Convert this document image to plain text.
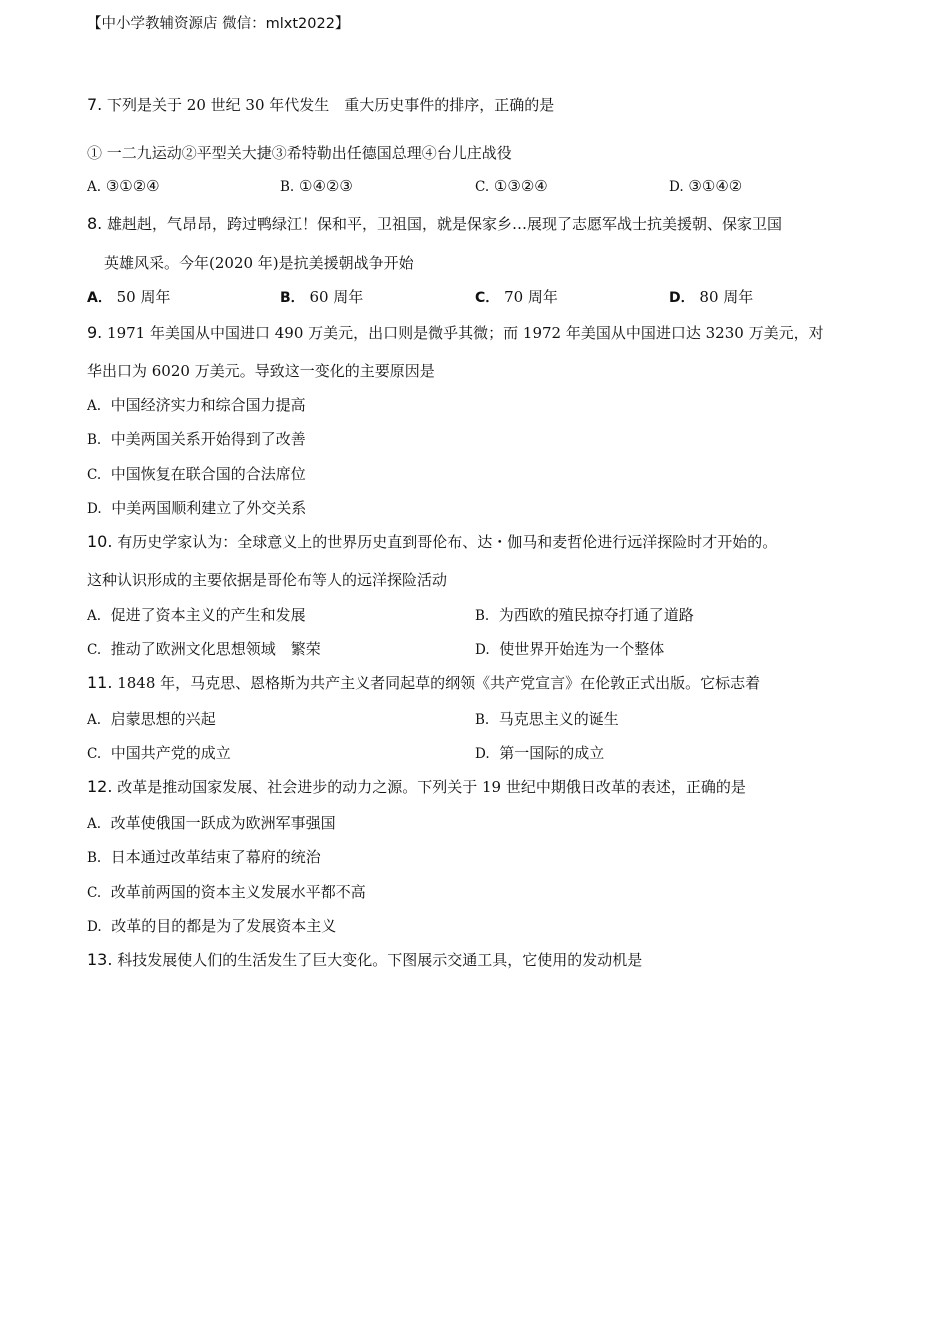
【中小学教辅资源店 微信：mlxt2022】
7. 下列是关于 20 世纪 30 年代发生　重大历史事件的排序，正确的是
① 一二九运动②平型关大捷③希特勒出任德国总理④台儿庄战役
A. ③①②④	B. ①④②③	C. ①③②④	D. ③①④②
8. 雄赳赳，气昂昂，跨过鸭绿江！保和平，卫祖国，就是保家乡…展现了志愿军战士抗美援朝、保家卫国
英雄风采。今年(2020 年)是抗美援朝战争开始
A． 50 周年	B． 60 周年	C． 70 周年	D． 80 周年
9. 1971 年美国从中国进口 490 万美元，出口则是微乎其微；而 1972 年美国从中国进口达 3230 万美元，对
华出口为 6020 万美元。导致这一变化的主要原因是
A. 中国经济实力和综合国力提高
B. 中美两国关系开始得到了改善
C. 中国恢复在联合国的合法席位
D. 中美两国顺利建立了外交关系
10. 有历史学家认为：全球意义上的世界历史直到哥伦布、达・伽马和麦哲伦进行远洋探险时才开始的。
这种认识形成的主要依据是哥伦布等人的远洋探险活动
A. 促进了资本主义的产生和发展	B. 为西欧的殖民掠夺打通了道路
C. 推动了欧洲文化思想领域　繁荣	D. 使世界开始连为一个整体
11. 1848 年，马克思、恩格斯为共产主义者同起草的纲领《共产党宣言》在伦敦正式出版。它标志着
A. 启蒙思想的兴起	B. 马克思主义的诞生
C. 中国共产党的成立	D. 第一国际的成立
12. 改革是推动国家发展、社会进步的动力之源。下列关于 19 世纪中期俄日改革的表述，正确的是
A. 改革使俄国一跃成为欧洲军事强国
B. 日本通过改革结束了幕府的统治
C. 改革前两国的资本主义发展水平都不高
D. 改革的目的都是为了发展资本主义
13. 科技发展使人们的生活发生了巨大变化。下图展示交通工具，它使用的发动机是
